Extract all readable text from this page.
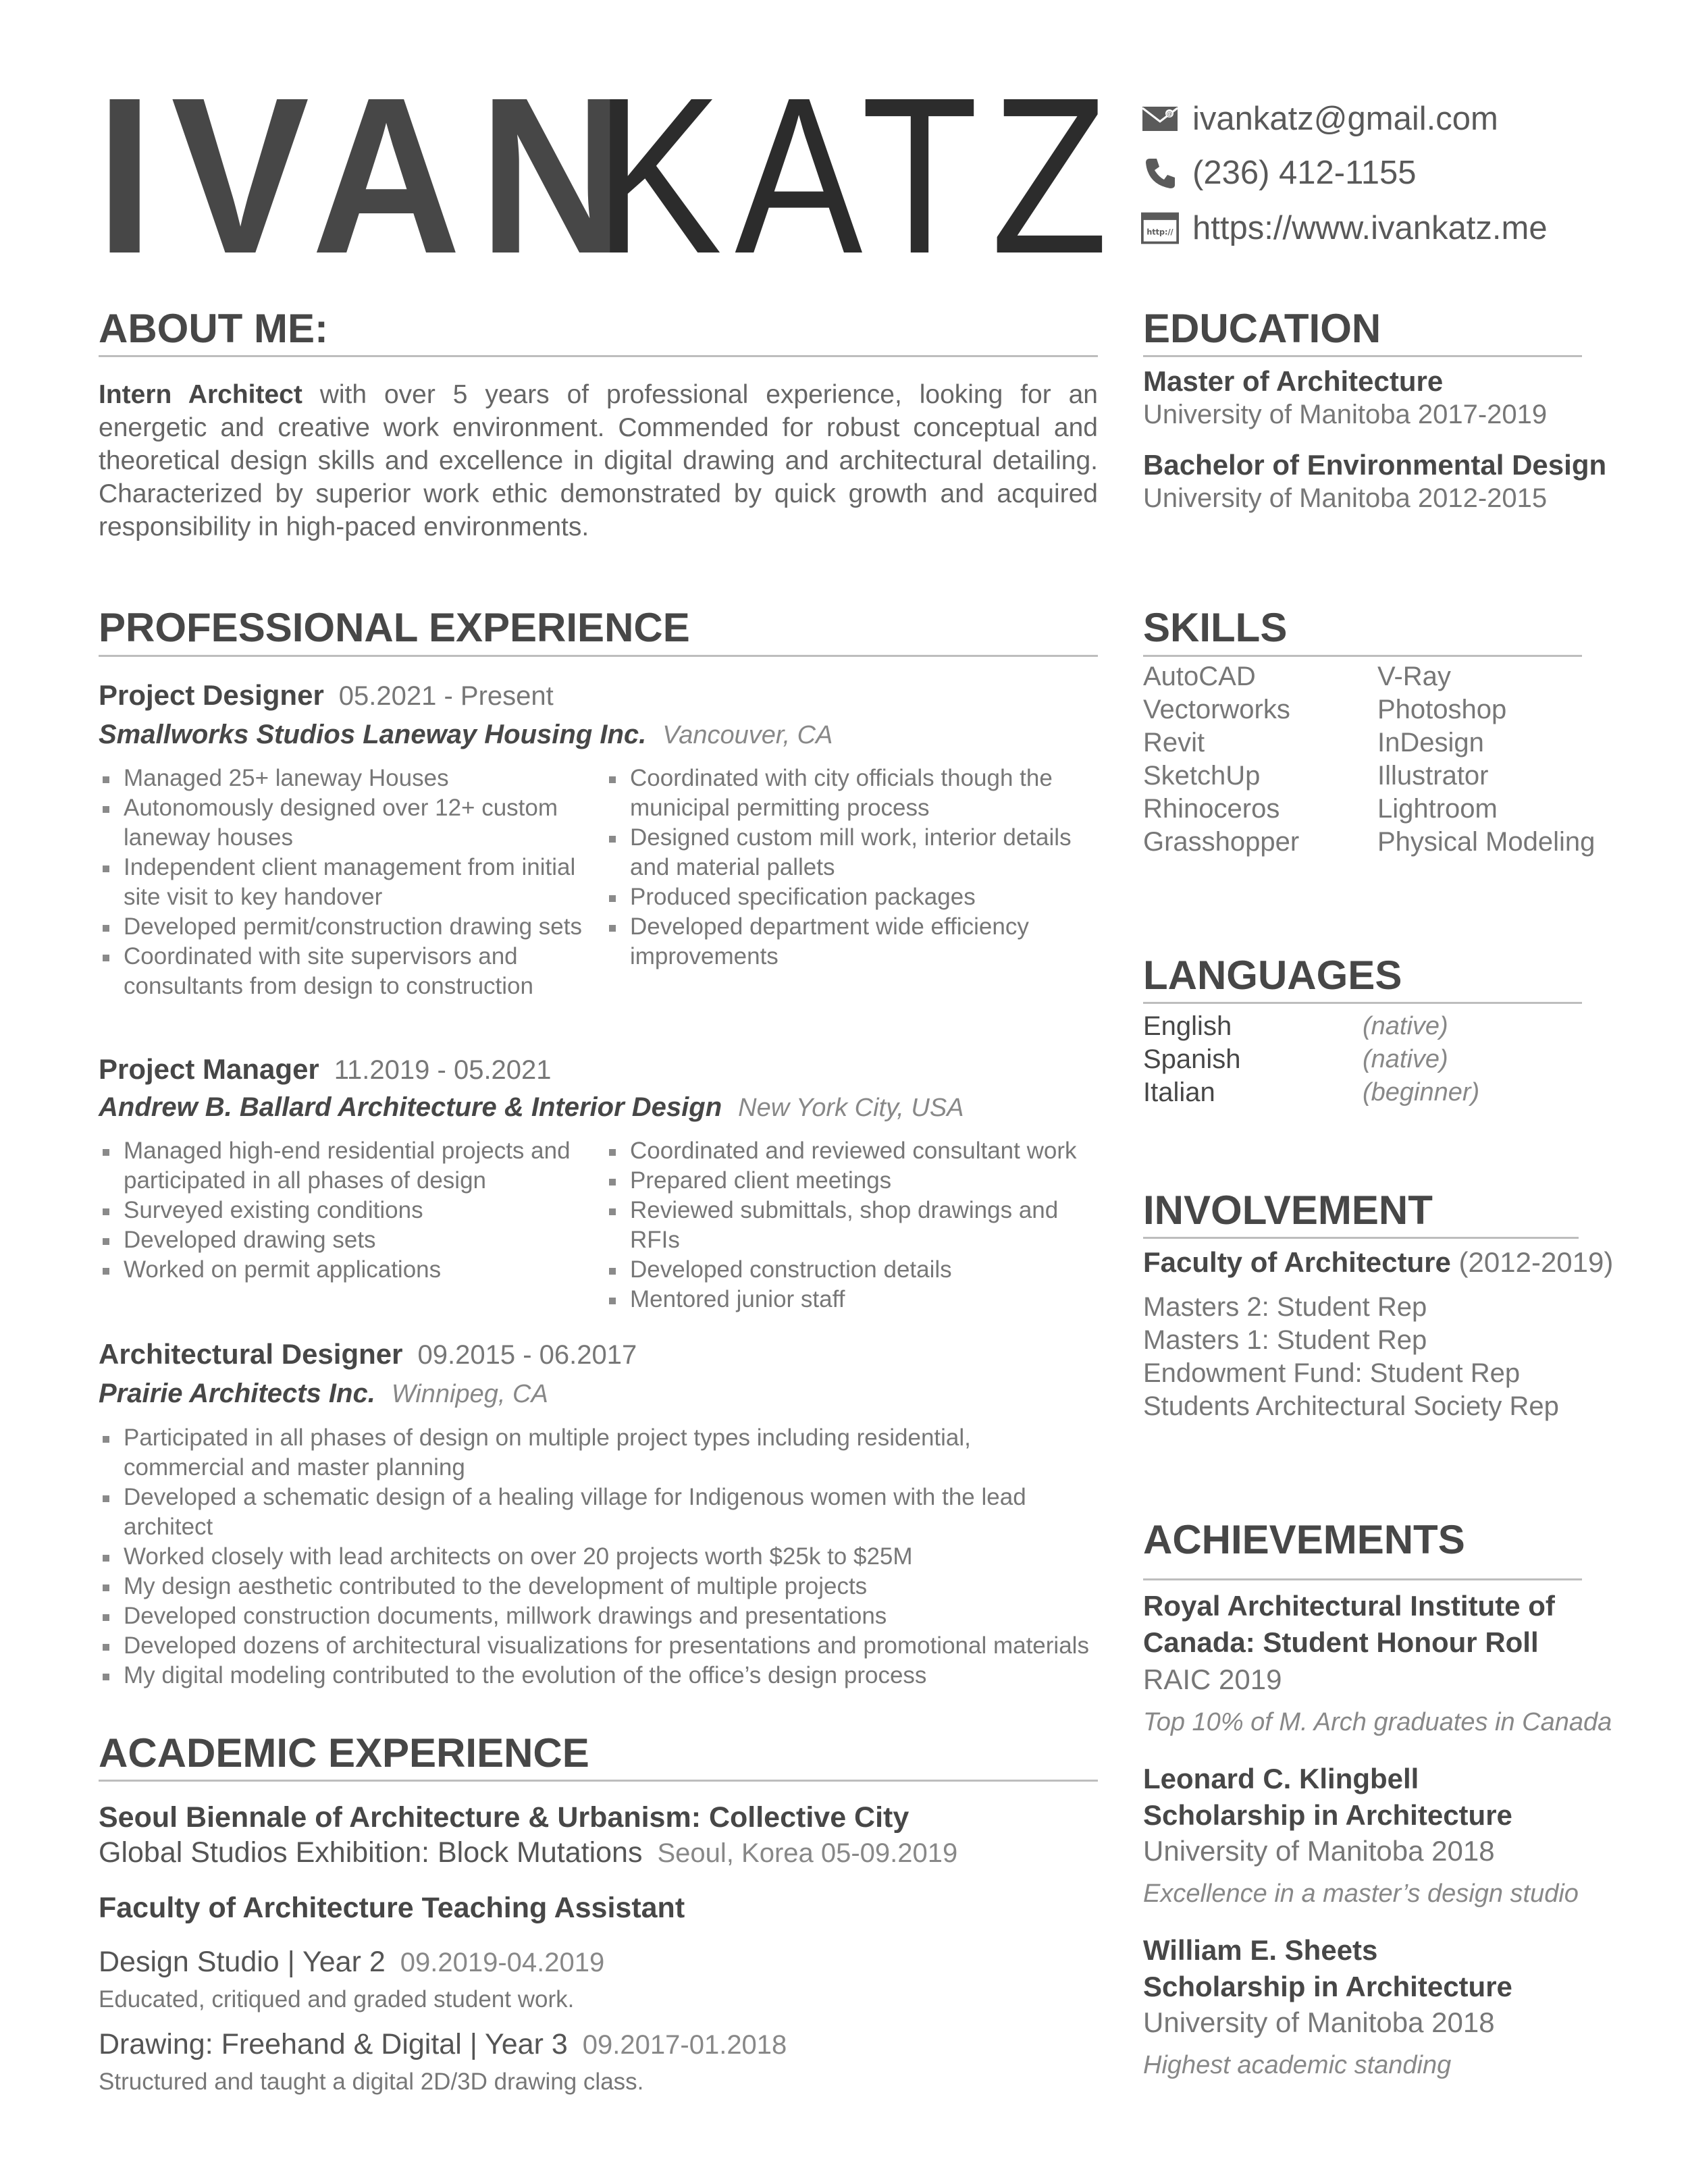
IVAN
KATZ	@ ivankatz@gmail.com
(236) 412-1155
http:// https://www.ivankatz.me
ABOUT ME:
Intern Architect with over 5 years of professional experience, looking for an energetic and creative work environment. Commended for robust conceptual and theoretical design skills and excellence in digital drawing and architectural detailing. Characterized by superior work ethic demonstrated by quick growth and acquired responsibility in high-paced environments.
PROFESSIONAL EXPERIENCE
Project Designer 05.2021 - Present
Smallworks Studios Laneway Housing Inc. Vancouver, CA
Managed 25+ laneway Houses
Autonomously designed over 12+ custom laneway houses
Independent client management from initial site visit to key handover
Developed permit/construction drawing sets
Coordinated with site supervisors and consultants from design to construction
Coordinated with city officials though the municipal permitting process
Designed custom mill work, interior details and material pallets
Produced specification packages
Developed department wide efficiency improvements
Project Manager 11.2019 - 05.2021
Andrew B. Ballard Architecture & Interior Design New York City, USA
Managed high-end residential projects and participated in all phases of design
Surveyed existing conditions
Developed drawing sets
Worked on permit applications
Coordinated and reviewed consultant work
Prepared client meetings
Reviewed submittals, shop drawings and RFIs
Developed construction details
Mentored junior staff
Architectural Designer 09.2015 - 06.2017
Prairie Architects Inc. Winnipeg, CA
Participated in all phases of design on multiple project types including residential, commercial and master planning
Developed a schematic design of a healing village for Indigenous women with the lead architect
Worked closely with lead architects on over 20 projects worth $25k to $25M
My design aesthetic contributed to the development of multiple projects
Developed construction documents, millwork drawings and presentations
Developed dozens of architectural visualizations for presentations and promotional materials
My digital modeling contributed to the evolution of the office’s design process
ACADEMIC EXPERIENCE
Seoul Biennale of Architecture & Urbanism: Collective City
Global Studios Exhibition: Block Mutations Seoul, Korea 05-09.2019
Faculty of Architecture Teaching Assistant
Design Studio | Year 2 09.2019-04.2019
Educated, critiqued and graded student work.
Drawing: Freehand & Digital | Year 3 09.2017-01.2018
Structured and taught a digital 2D/3D drawing class.
EDUCATION
Master of Architecture
University of Manitoba 2017-2019
Bachelor of Environmental Design
University of Manitoba 2012-2015
SKILLS
AutoCAD
Vectorworks
Revit
SketchUp
Rhinoceros
Grasshopper
V-Ray
Photoshop
InDesign
Illustrator
Lightroom
Physical Modeling
LANGUAGES
English
Spanish
Italian
(native)
(native)
(beginner)
INVOLVEMENT
Faculty of Architecture (2012-2019)
Masters 2: Student Rep
Masters 1: Student Rep
Endowment Fund: Student Rep
Students Architectural Society Rep
ACHIEVEMENTS
Royal Architectural Institute of
Canada: Student Honour Roll
RAIC 2019
Top 10% of M. Arch graduates in Canada
Leonard C. Klingbell
Scholarship in Architecture
University of Manitoba 2018
Excellence in a master’s design studio
William E. Sheets
Scholarship in Architecture
University of Manitoba 2018
Highest academic standing
